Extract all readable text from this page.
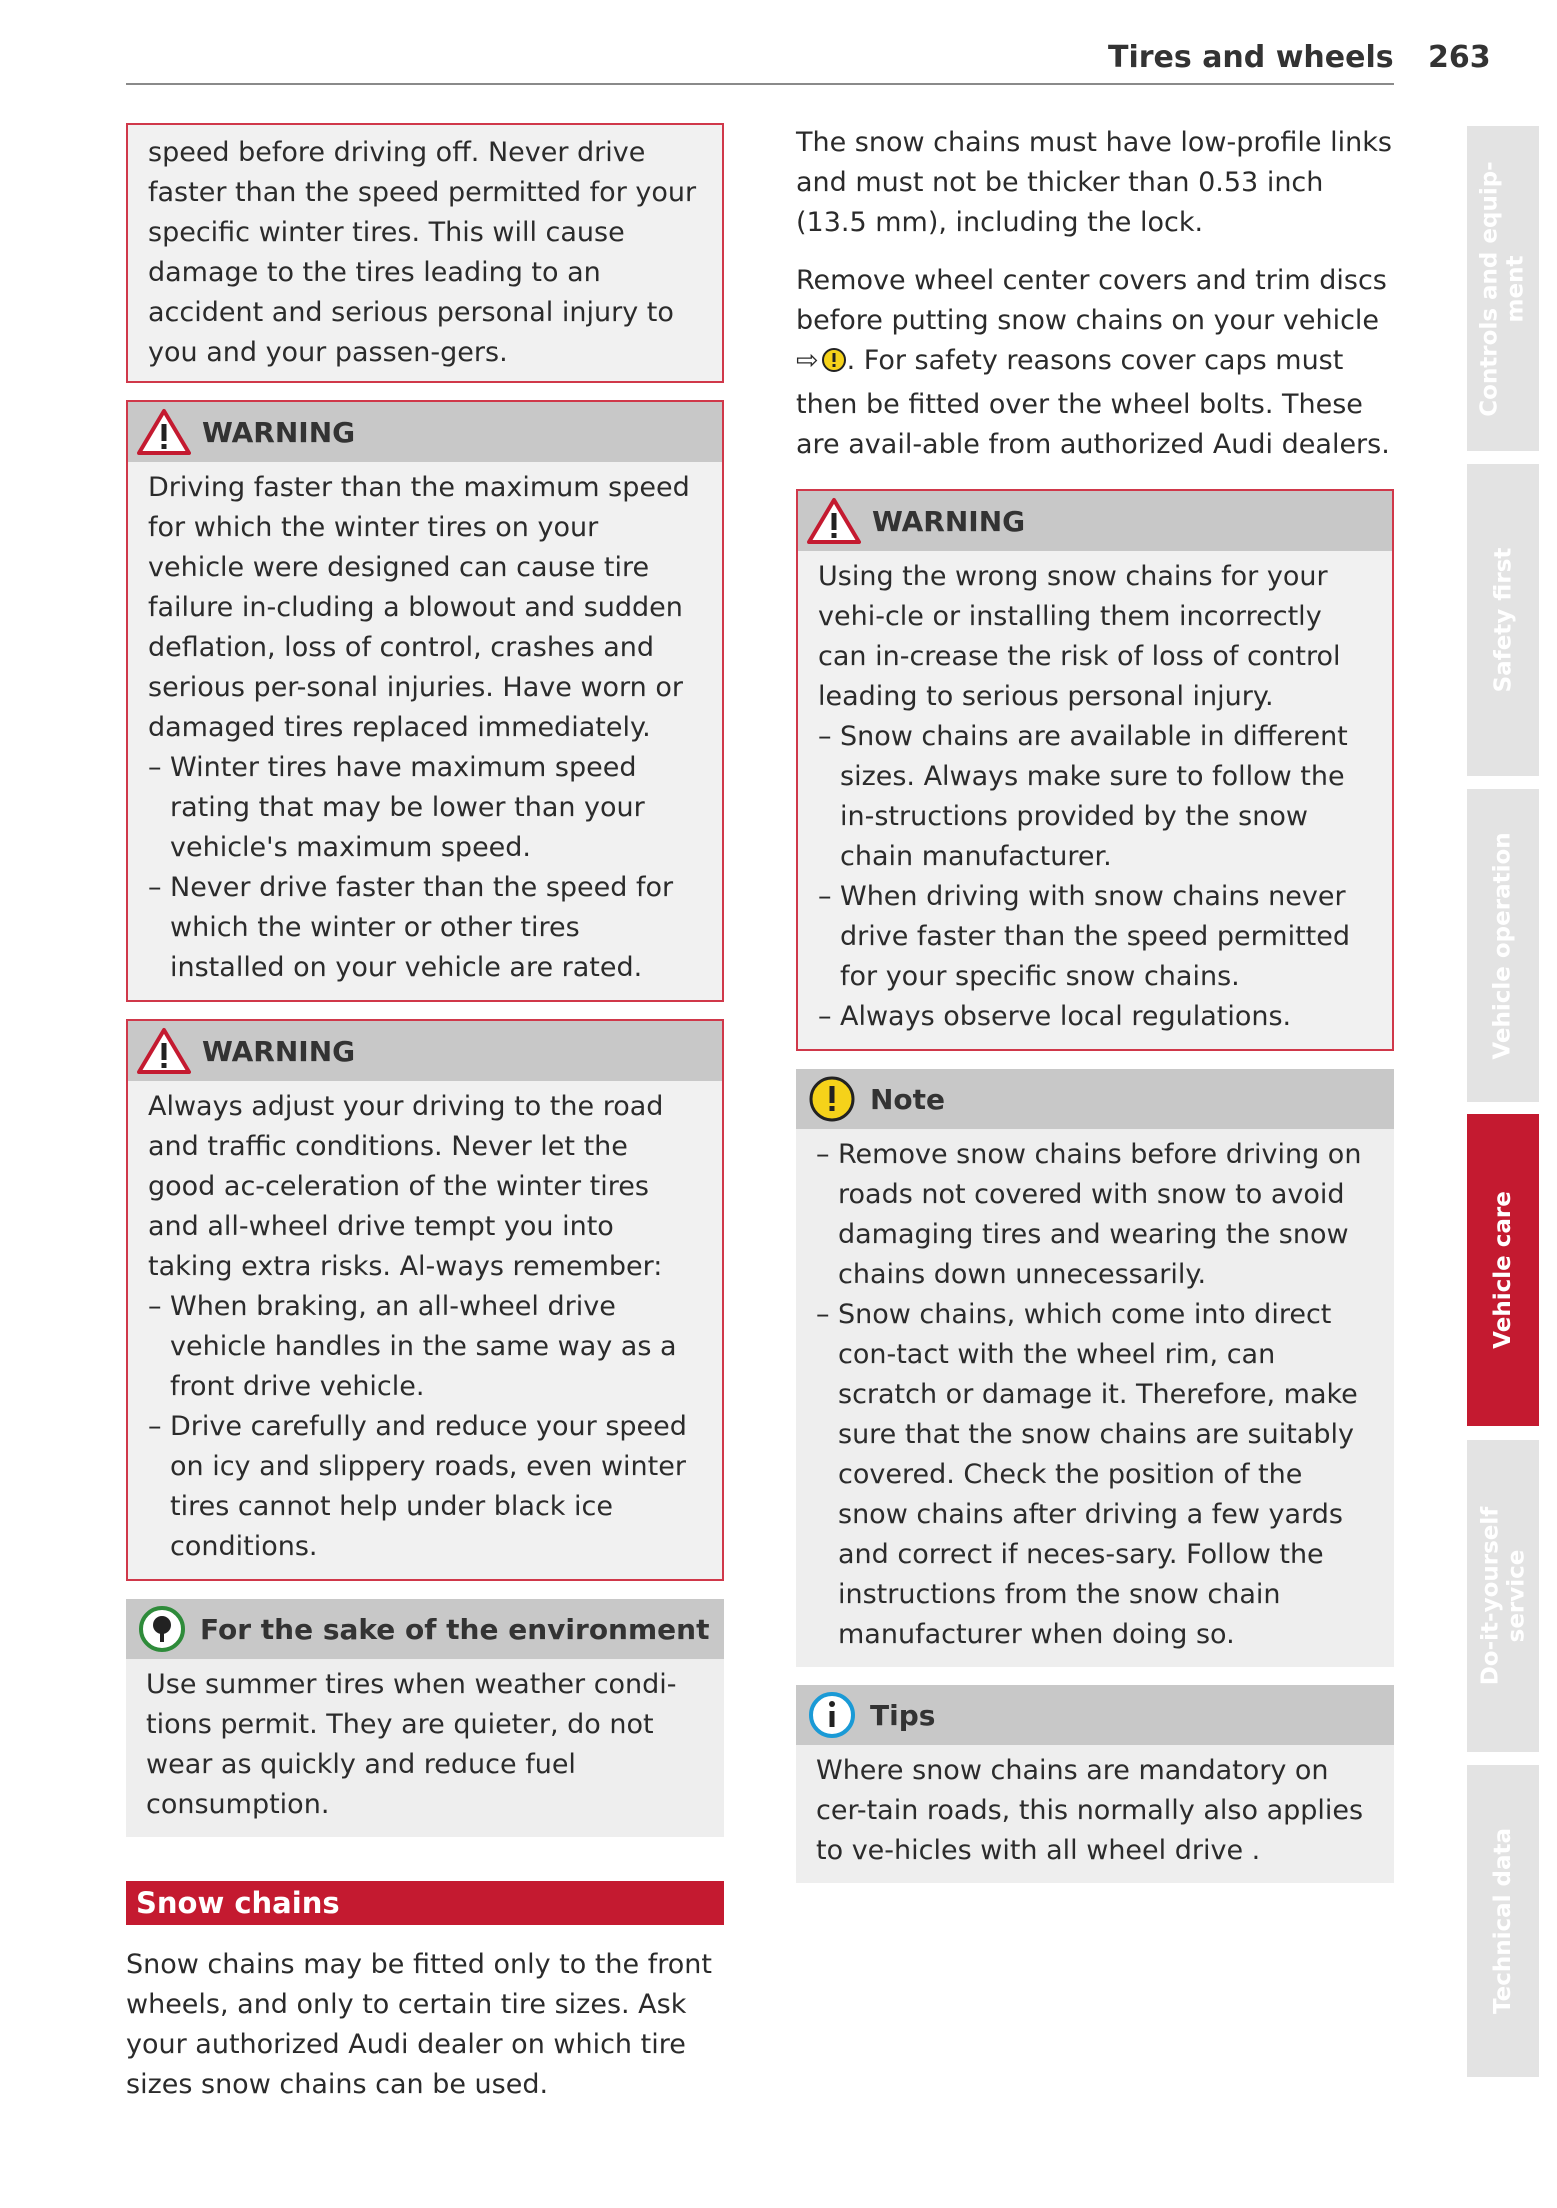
Tires and wheels 263
Controls and equip- ment
Safety first
Vehicle operation
Vehicle care
Do-it-yourself service
Technical data

speed before driving off. Never drive faster than the speed permitted for your specific winter tires. This will cause damage to the tires leading to an accident and serious personal injury to you and your passen-gers.

WARNING

Driving faster than the maximum speed for which the winter tires on your vehicle were designed can cause tire failure in-cluding a blowout and sudden deflation, loss of control, crashes and serious per-sonal injuries. Have worn or damaged tires replaced immediately.

– Winter tires have maximum speed rating that may be lower than your vehicle's maximum speed.

– Never drive faster than the speed for which the winter or other tires installed on your vehicle are rated.

WARNING

Always adjust your driving to the road and traffic conditions. Never let the good ac-celeration of the winter tires and all-wheel drive tempt you into taking extra risks. Al-ways remember:

– When braking, an all-wheel drive vehicle handles in the same way as a front drive vehicle.

– Drive carefully and reduce your speed on icy and slippery roads, even winter tires cannot help under black ice conditions.

For the sake of the environment

Use summer tires when weather condi-tions permit. They are quieter, do not wear as quickly and reduce fuel consumption.

Snow chains

Snow chains may be fitted only to the front wheels, and only to certain tire sizes. Ask your authorized Audi dealer on which tire sizes snow chains can be used.

The snow chains must have low-profile links and must not be thicker than 0.53 inch (13.5 mm), including the lock.

Remove wheel center covers and trim discs before putting snow chains on your vehicle ⇨ . For safety reasons cover caps must then be fitted over the wheel bolts. These are avail-able from authorized Audi dealers.

WARNING

Using the wrong snow chains for your vehi-cle or installing them incorrectly can in-crease the risk of loss of control leading to serious personal injury.

– Snow chains are available in different sizes. Always make sure to follow the in-structions provided by the snow chain manufacturer.

– When driving with snow chains never drive faster than the speed permitted for your specific snow chains.

– Always observe local regulations.

Note

– Remove snow chains before driving on roads not covered with snow to avoid damaging tires and wearing the snow chains down unnecessarily.

– Snow chains, which come into direct con-tact with the wheel rim, can scratch or damage it. Therefore, make sure that the snow chains are suitably covered. Check the position of the snow chains after driving a few yards and correct if neces-sary. Follow the instructions from the snow chain manufacturer when doing so.

Tips

Where snow chains are mandatory on cer-tain roads, this normally also applies to ve-hicles with all wheel drive .
